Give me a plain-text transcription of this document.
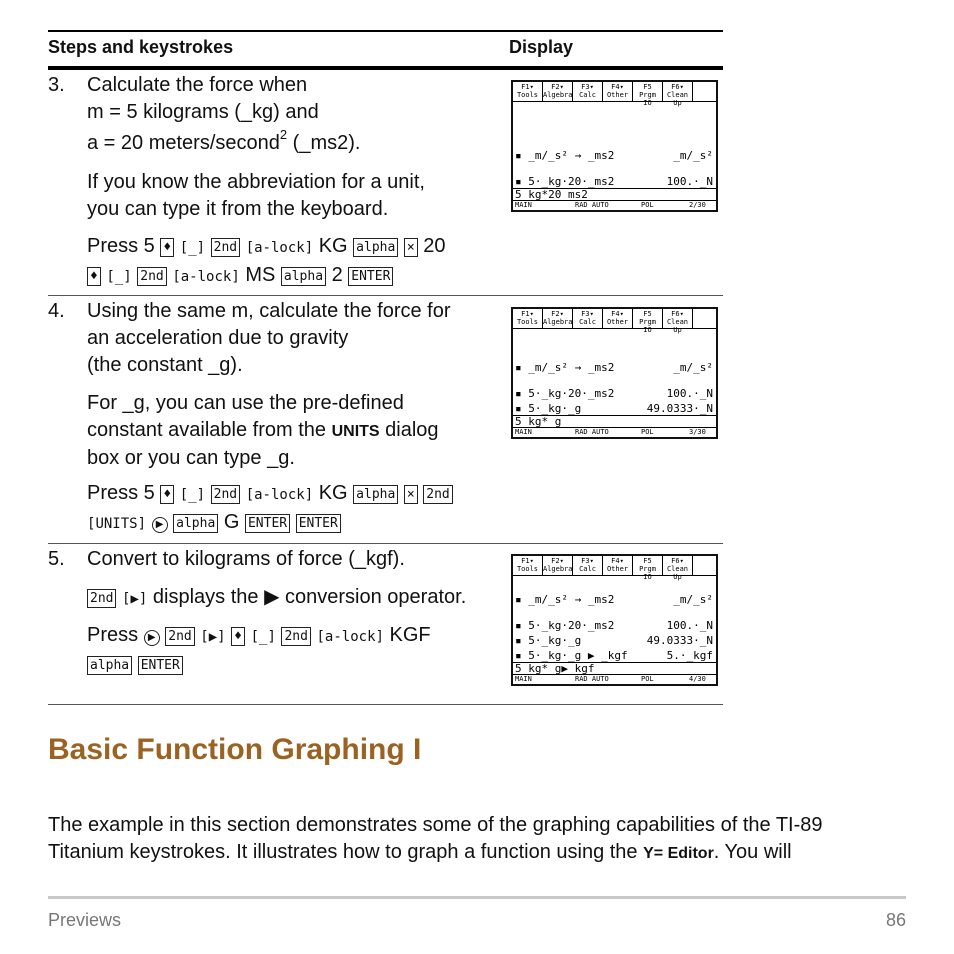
Steps and keystrokes	Display
3. Calculate the force when
m = 5 kilograms (_kg) and
a = 20 meters/second$^2$ (_ms2).
If you know the abbreviation for a unit,
you can type it from the keyboard.
Press 5 ♦ [_] 2nd [a-lock] KG alpha × 20
♦ [_] 2nd [a-lock] MS alpha 2 ENTER
F1▾ Tools
F2▾ Algebra
F3▾ Calc
F4▾ Other
F5 Prgm IO
F6▾ Clean Up
▪ _m/_s² → _ms2	_m/_s²
▪ 5·_kg·20·_ms2	100.·_N
5_kg*20_ms2
MAIN	RAD AUTO	POL	2/30
4. Using the same m, calculate the force for
an acceleration due to gravity
(the constant _g).
For _g, you can use the pre-defined
constant available from the UNITS dialog
box or you can type _g.
Press 5 ♦ [_] 2nd [a-lock] KG alpha × 2nd
[UNITS] ▶ alpha G ENTER ENTER
F1▾ Tools
F2▾ Algebra
F3▾ Calc
F4▾ Other
F5 Prgm IO
F6▾ Clean Up
▪ _m/_s² → _ms2	_m/_s²
▪ 5·_kg·20·_ms2	100.·_N
▪ 5·_kg·_g	49.0333·_N
5_kg*_g
MAIN	RAD AUTO	POL	3/30
5. Convert to kilograms of force (_kgf).
2nd [▶] displays the ▶ conversion operator.
Press ▶ 2nd [▶] ♦ [_] 2nd [a-lock] KGF
alpha ENTER
F1▾ Tools
F2▾ Algebra
F3▾ Calc
F4▾ Other
F5 Prgm IO
F6▾ Clean Up
▪ _m/_s² → _ms2	_m/_s²
▪ 5·_kg·20·_ms2	100.·_N
▪ 5·_kg·_g	49.0333·_N
▪ 5·_kg·_g ▶ _kgf	5.·_kgf
5_kg*_g▶_kgf
MAIN	RAD AUTO	POL	4/30
Basic Function Graphing I
The example in this section demonstrates some of the graphing capabilities of the TI-89
Titanium keystrokes. It illustrates how to graph a function using the Y= Editor. You will
Previews	86
